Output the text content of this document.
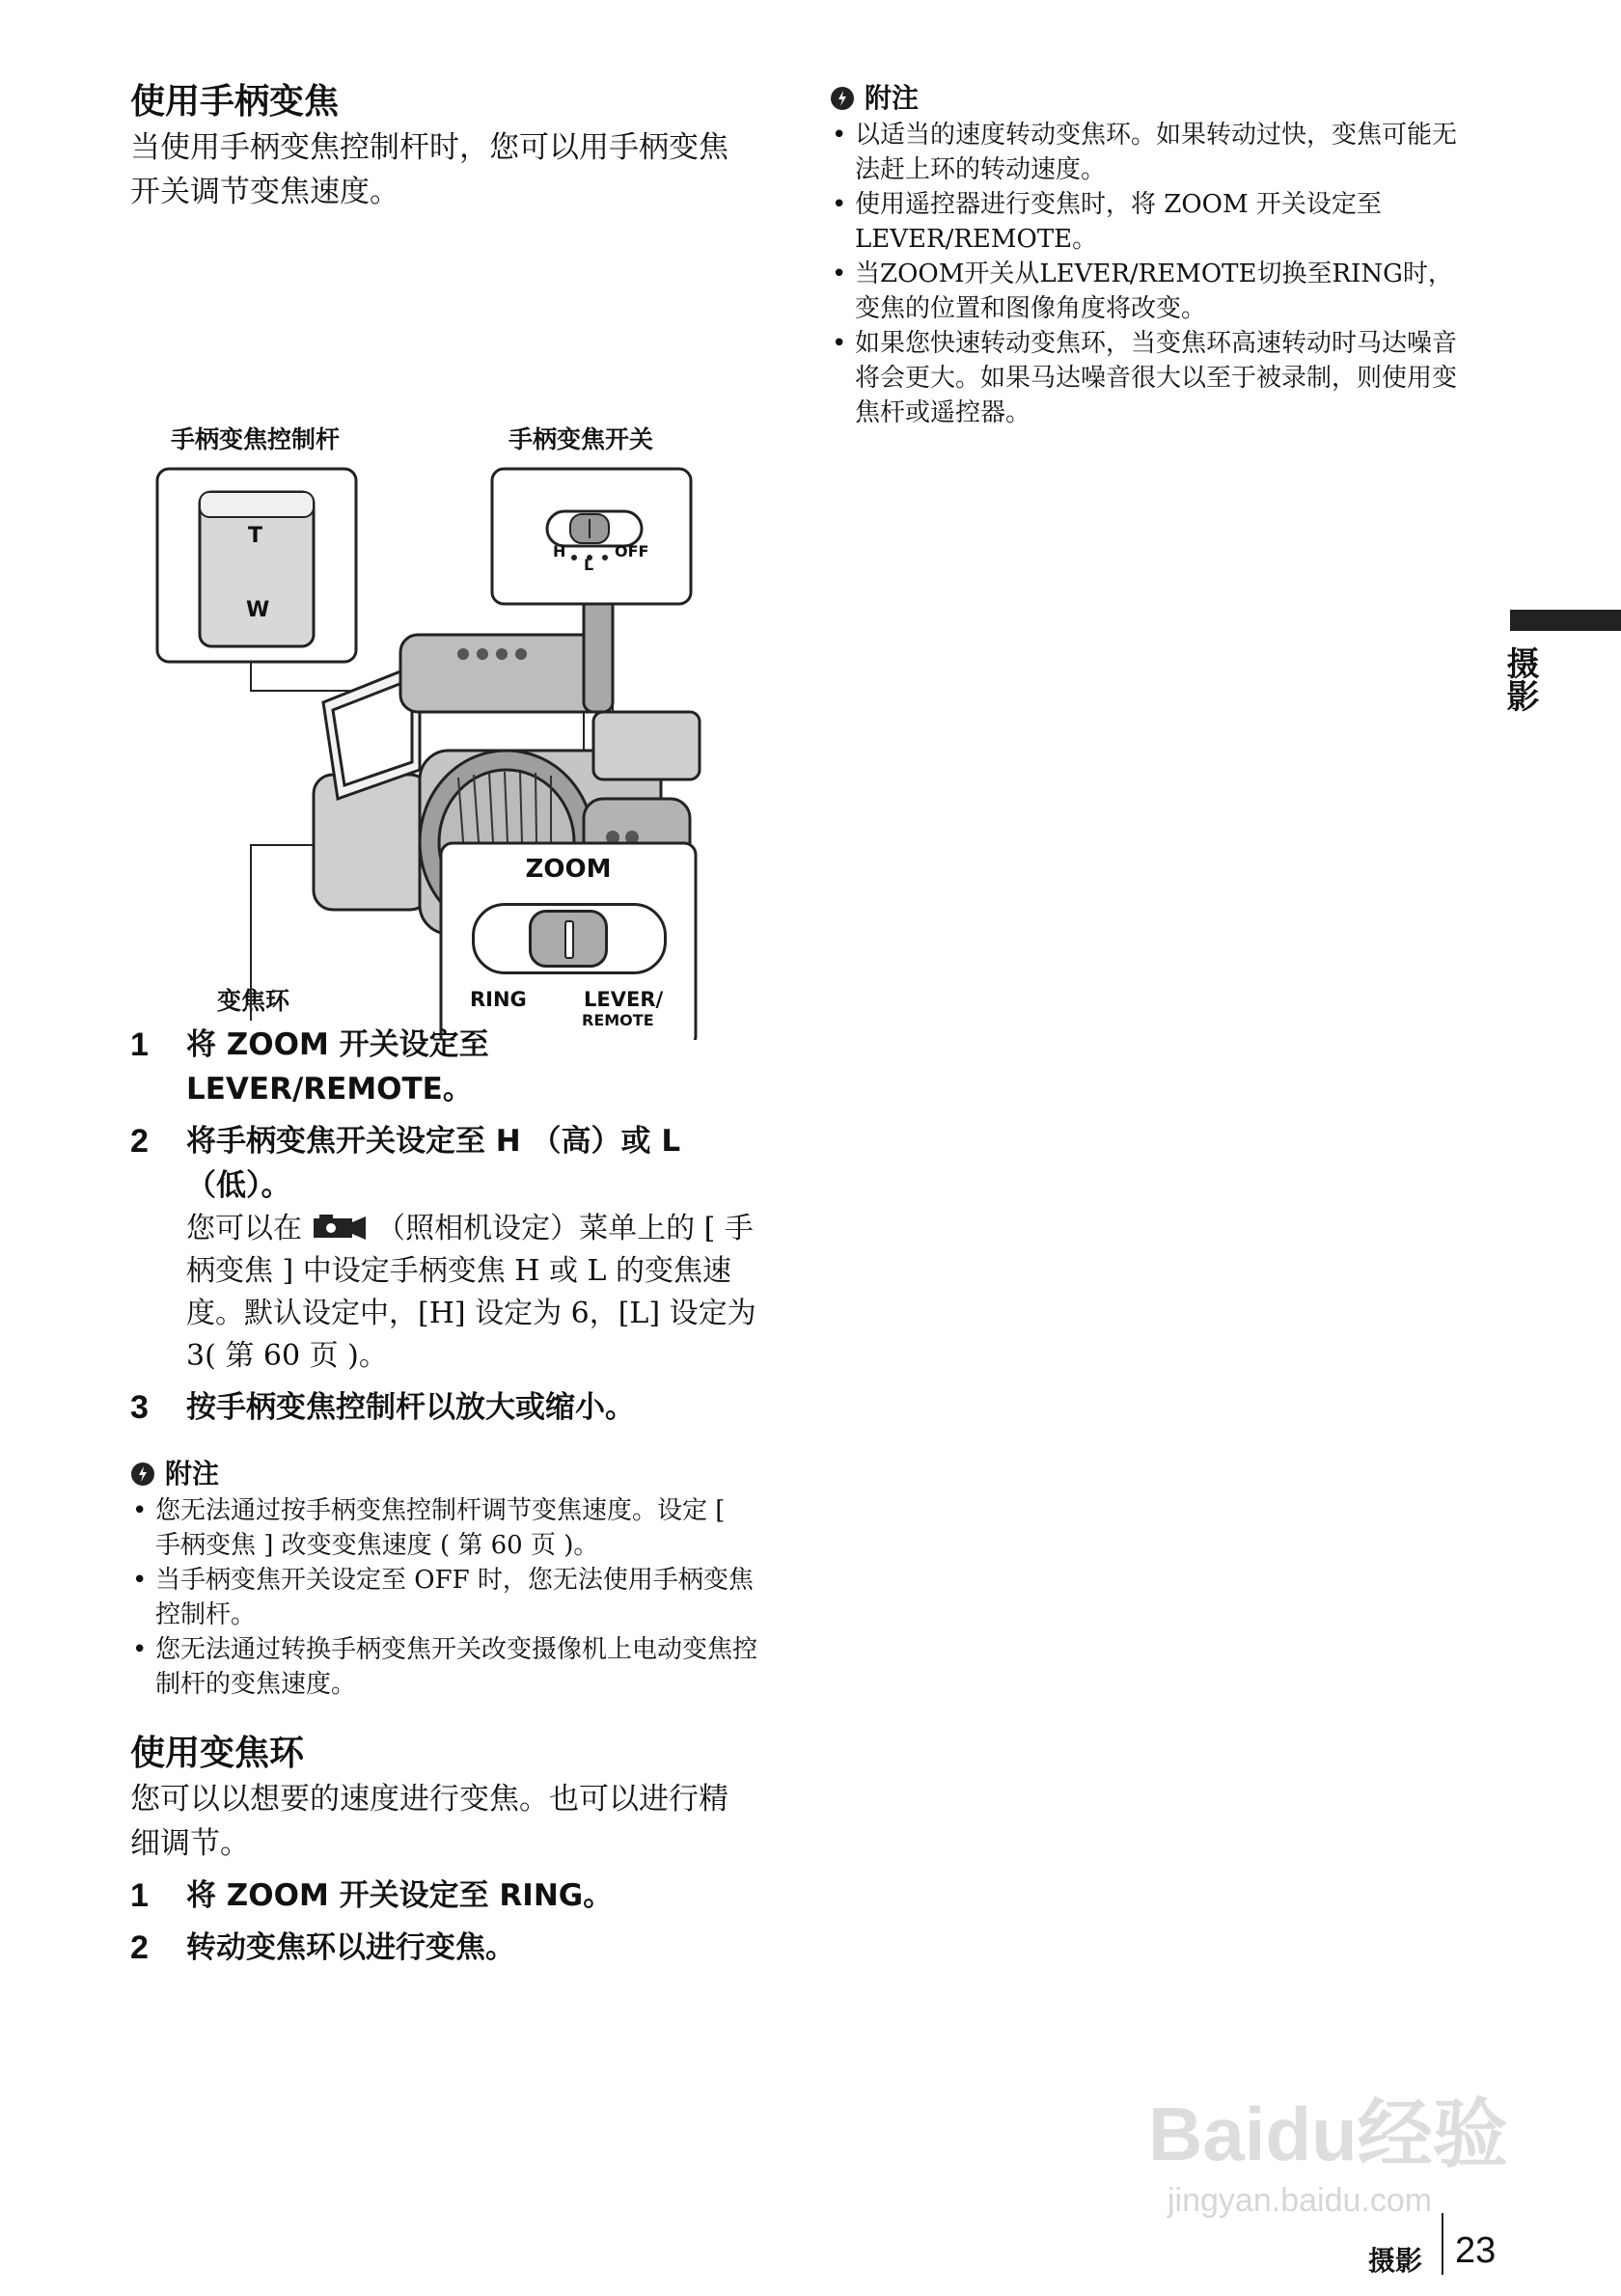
使用手柄变焦

当使用手柄变焦控制杆时，您可以用手柄变焦开关调节变焦速度。

手柄变焦控制杆	手柄变焦开关
变焦环
T
W
H
L
OFF
ZOOM
RING	LEVER/
REMOTE
1 将 ZOOM 开关设定至 LEVER/REMOTE。
2 将手柄变焦开关设定至 H （高）或 L （低）。
您可以在	（照相机设定）菜单上的 [ 手柄变焦 ] 中设定手柄变焦 H 或 L 的变焦速度。默认设定中，[H] 设定为 6，[L] 设定为 3( 第 60 页 )。
3 按手柄变焦控制杆以放大或缩小。

附注

• 您无法通过按手柄变焦控制杆调节变焦速度。设定 [ 手柄变焦 ] 改变变焦速度 ( 第 60 页 )。
• 当手柄变焦开关设定至 OFF 时，您无法使用手柄变焦控制杆。
• 您无法通过转换手柄变焦开关改变摄像机上电动变焦控制杆的变焦速度。
使用变焦环

您可以以想要的速度进行变焦。也可以进行精细调节。

1 将 ZOOM 开关设定至 RING。
2 转动变焦环以进行变焦。

附注

• 以适当的速度转动变焦环。如果转动过快，变焦可能无法赶上环的转动速度。
• 使用遥控器进行变焦时，将 ZOOM 开关设定至 LEVER/REMOTE。
• 当ZOOM开关从LEVER/REMOTE切换至RING时，变焦的位置和图像角度将改变。
• 如果您快速转动变焦环，当变焦环高速转动时马达噪音将会更大。如果马达噪音很大以至于被录制，则使用变焦杆或遥控器。
摄影
Baidu经验
jingyan.baidu.com
摄影 23
